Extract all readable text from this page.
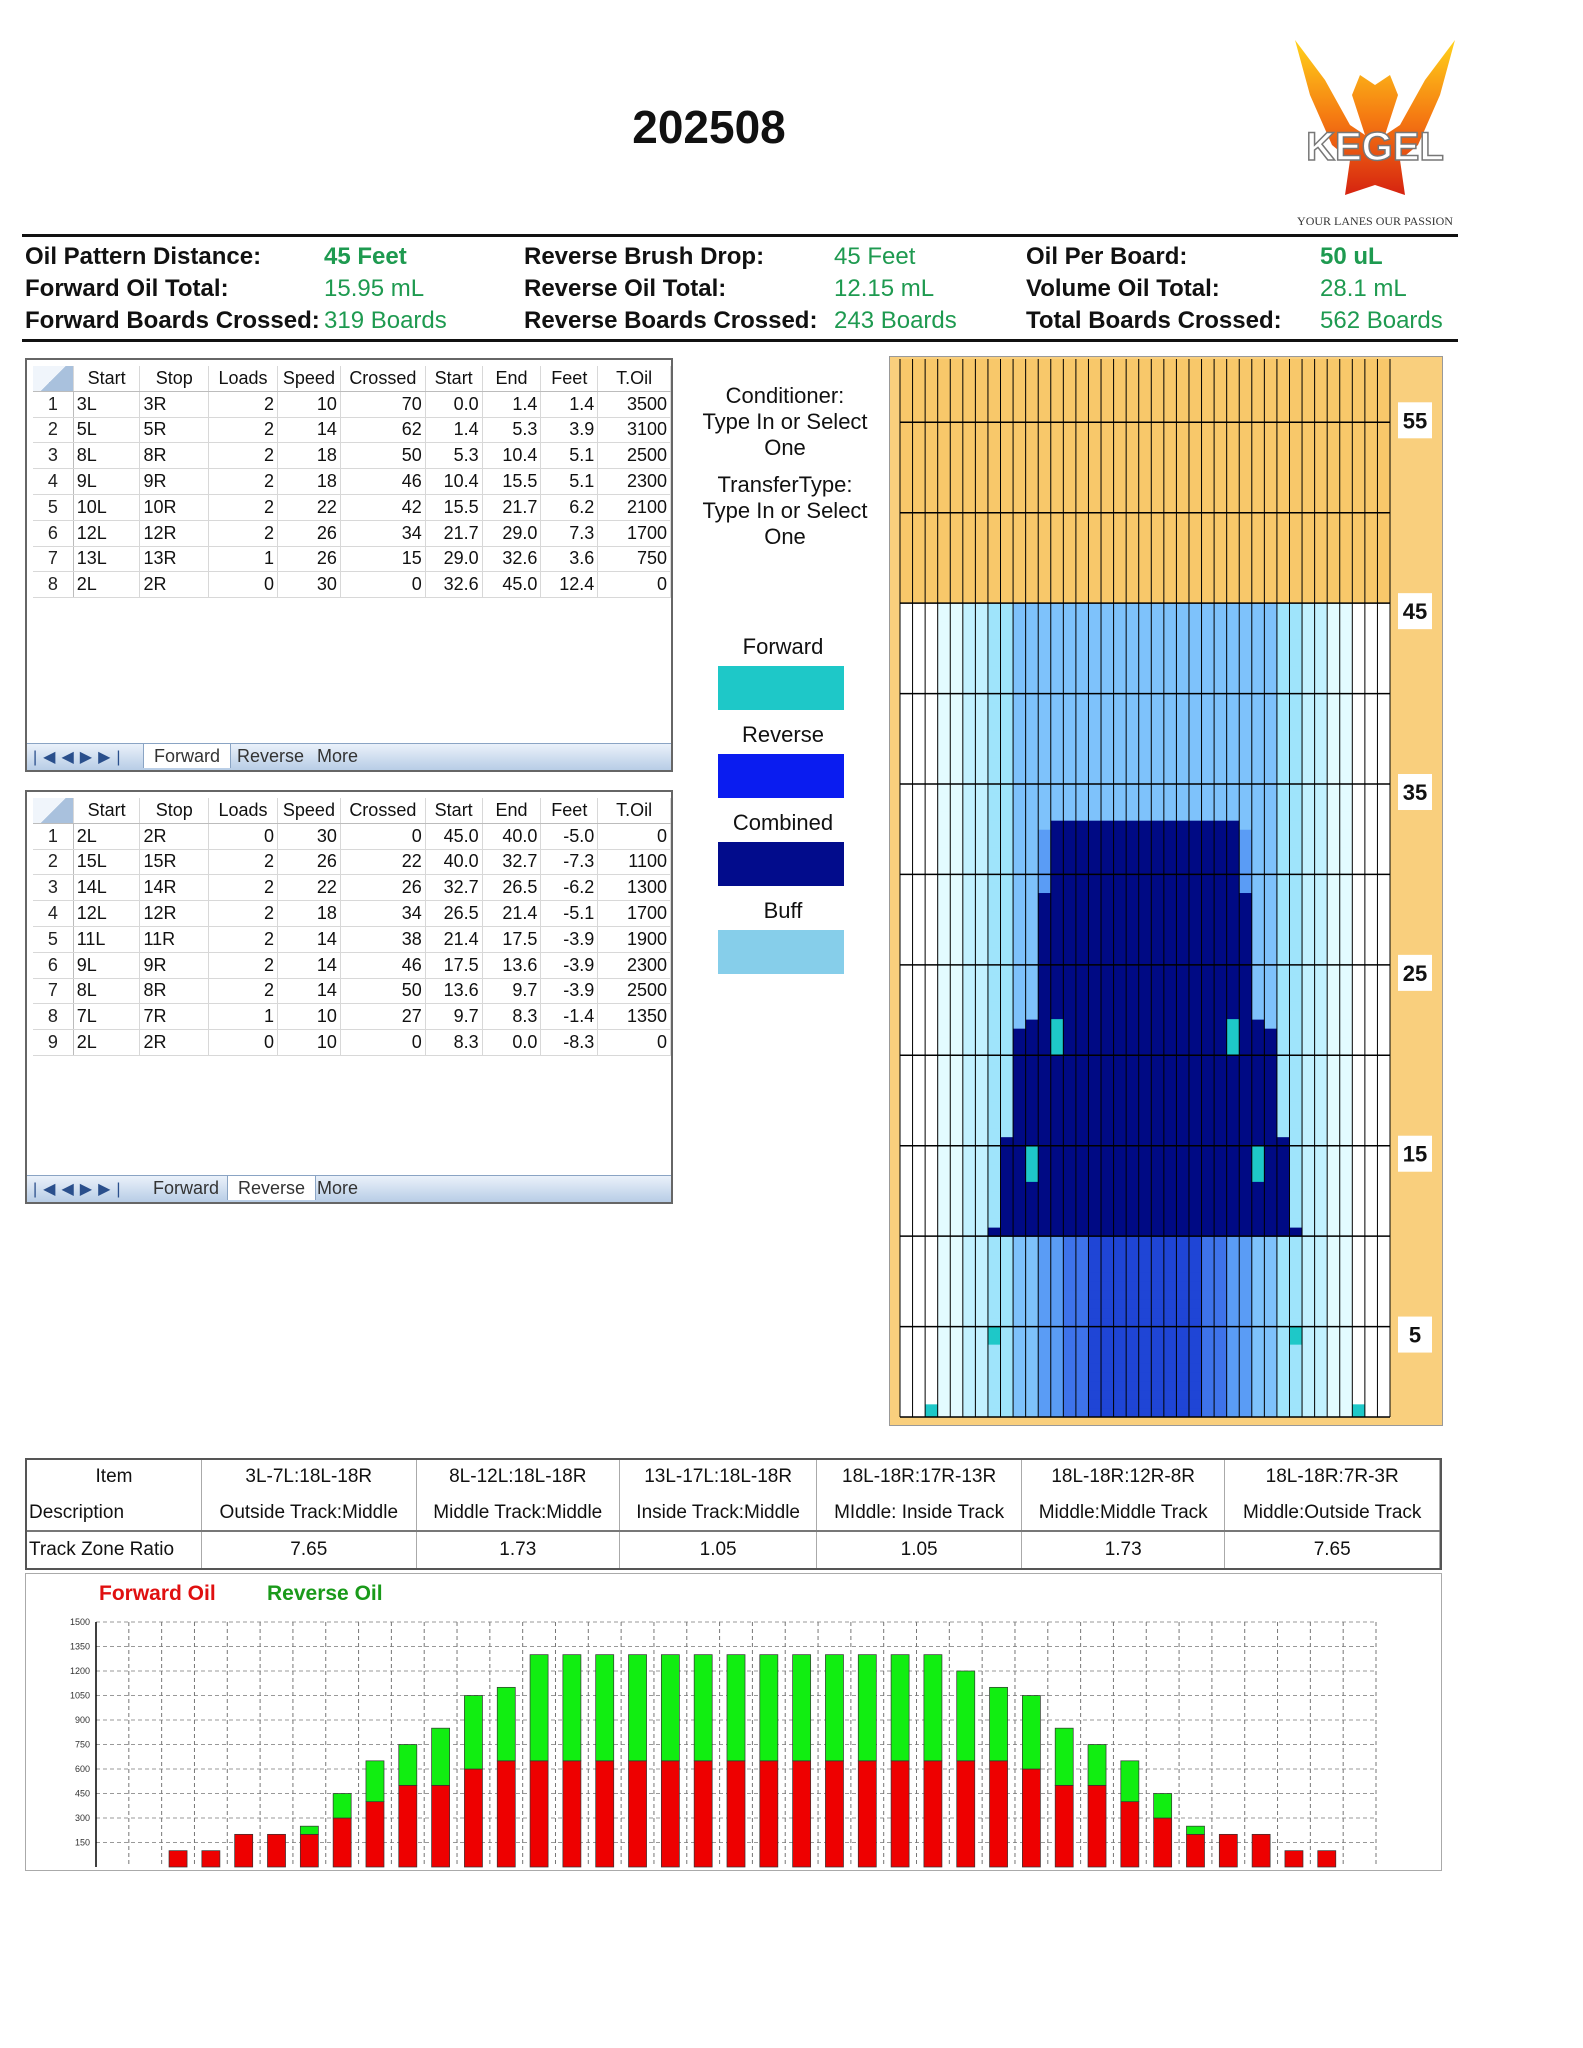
202508	KEGEL
YOUR LANES OUR PASSION
Oil Pattern Distance:	45 Feet
Forward Oil Total:	15.95 mL
Forward Boards Crossed: 319 Boards
Reverse Brush Drop:	45 Feet
Reverse Oil Total:	12.15 mL
Reverse Boards Crossed: 243 Boards
Oil Per Board:	50 uL
Volume Oil Total:	28.1 mL
Total Boards Crossed: 562 Boards
	Start	Stop	Loads	Speed	Crossed	Start	End	Feet	T.Oil
1	3L	3R	2	10	70	0.0	1.4	1.4	3500
2	5L	5R	2	14	62	1.4	5.3	3.9	3100
3	8L	8R	2	18	50	5.3	10.4	5.1	2500
4	9L	9R	2	18	46	10.4	15.5	5.1	2300
5	10L	10R	2	22	42	15.5	21.7	6.2	2100
6	12L	12R	2	26	34	21.7	29.0	7.3	1700
7	13L	13R	1	26	15	29.0	32.6	3.6	750
8	2L	2R	0	30	0	32.6	45.0	12.4	0
|◀◀▶▶|	Forward Reverse More
	Start	Stop	Loads	Speed	Crossed	Start	End	Feet	T.Oil
1	2L	2R	0	30	0	45.0	40.0	-5.0	0
2	15L	15R	2	26	22	40.0	32.7	-7.3	1100
3	14L	14R	2	22	26	32.7	26.5	-6.2	1300
4	12L	12R	2	18	34	26.5	21.4	-5.1	1700
5	11L	11R	2	14	38	21.4	17.5	-3.9	1900
6	9L	9R	2	14	46	17.5	13.6	-3.9	2300
7	8L	8R	2	14	50	13.6	9.7	-3.9	2500
8	7L	7R	1	10	27	9.7	8.3	-1.4	1350
9	2L	2R	0	10	0	8.3	0.0	-8.3	0
|◀◀▶▶|	Forward	Reverse More
Conditioner:
Type In or Select
One
TransferType:
Type In or Select
One
Forward
Reverse
Combined
Buff
55
45
35
25
15
5
Item	3L-7L:18L-18R	8L-12L:18L-18R	13L-17L:18L-18R	18L-18R:17R-13R	18L-18R:12R-8R	18L-18R:7R-3R
Description	Outside Track:Middle	Middle Track:Middle	Inside Track:Middle	MIddle: Inside Track	Middle:Middle Track	Middle:Outside Track
Track Zone Ratio	7.65	1.73	1.05	1.05	1.73	7.65
Forward Oil Reverse Oil
1500
1350
1200
1050
900
750
600
450
300
150
